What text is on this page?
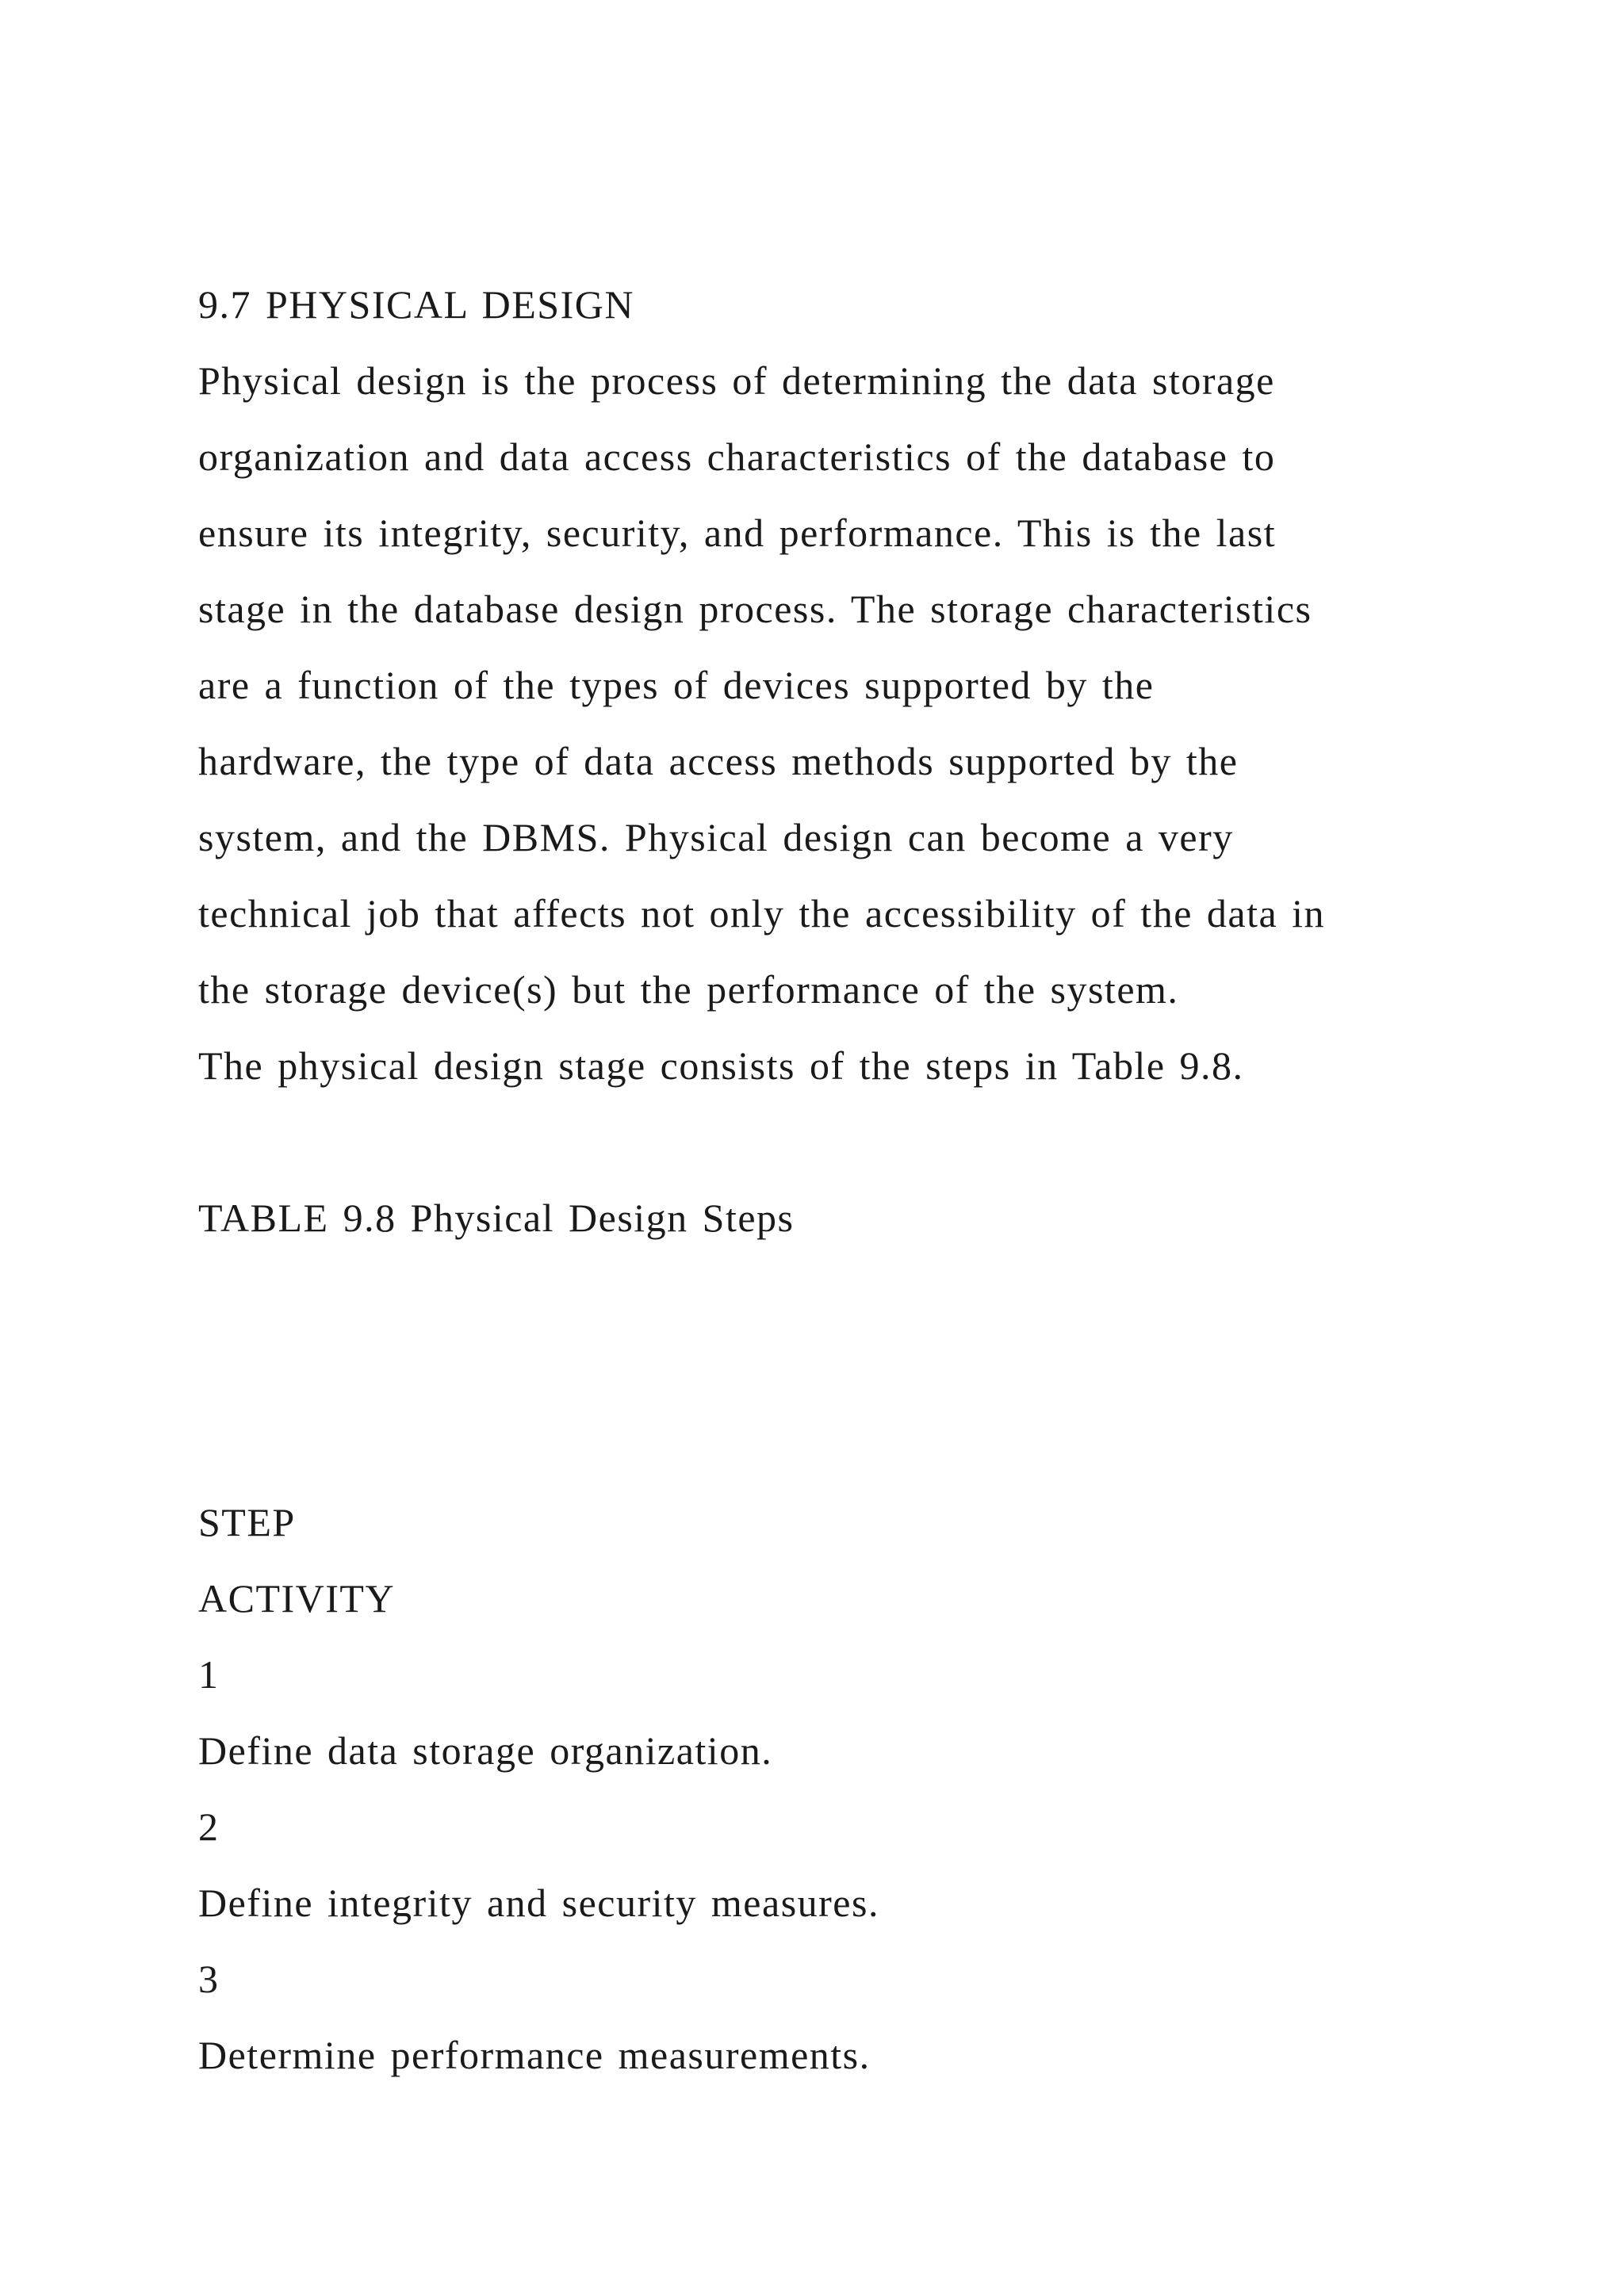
9.7 PHYSICAL DESIGN
Physical design is the process of determining the data storage
organization and data access characteristics of the database to
ensure its integrity, security, and performance. This is the last
stage in the database design process. The storage characteristics
are a function of the types of devices supported by the
hardware, the type of data access methods supported by the
system, and the DBMS. Physical design can become a very
technical job that affects not only the accessibility of the data in
the storage device(s) but the performance of the system.
The physical design stage consists of the steps in Table 9.8.
TABLE 9.8 Physical Design Steps
STEP
ACTIVITY
1
Define data storage organization.
2
Define integrity and security measures.
3
Determine performance measurements.
